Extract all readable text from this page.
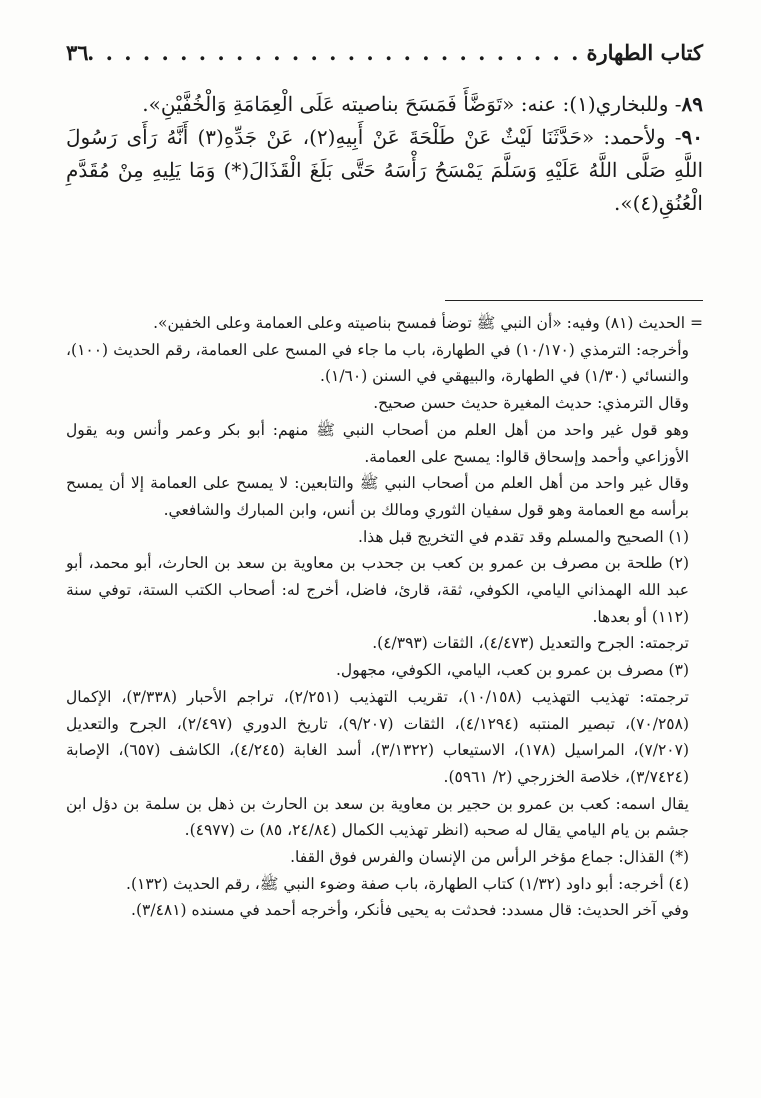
كتاب الطهارة
. . .
٣٦

٨٩- وللبخاري(١): عنه: «تَوَضَّأَ فَمَسَحَ بناصيته عَلَى الْعِمَامَةِ وَالْخُفَّيْنِ».

٩٠- ولأحمد: «حَدَّثَنَا لَيْثٌ عَنْ طَلْحَةَ عَنْ أَبِيهِ(٢)، عَنْ جَدِّهِ(٣) أَنَّهُ رَأَى رَسُولَ اللَّهِ صَلَّى اللَّهُ عَلَيْهِ وَسَلَّمَ يَمْسَحُ رَأْسَهُ حَتَّى بَلَغَ الْقَذَالَ(*) وَمَا يَلِيهِ مِنْ مُقَدَّمِ الْعُنُقِ(٤)».

= الحديث (٨١) وفيه: «أن النبي ﷺ توضأ فمسح بناصيته وعلى العمامة وعلى الخفين».

وأخرجه: الترمذي (١٠/١٧٠) في الطهارة، باب ما جاء في المسح على العمامة، رقم الحديث (١٠٠)، والنسائي (١/٣٠) في الطهارة، والبيهقي في السنن (١/٦٠).

وقال الترمذي: حديث المغيرة حديث حسن صحيح.

وهو قول غير واحد من أهل العلم من أصحاب النبي ﷺ منهم: أبو بكر وعمر وأنس وبه يقول الأوزاعي وأحمد وإسحاق قالوا: يمسح على العمامة.

وقال غير واحد من أهل العلم من أصحاب النبي ﷺ والتابعين: لا يمسح على العمامة إلا أن يمسح برأسه مع العمامة وهو قول سفيان الثوري ومالك بن أنس، وابن المبارك والشافعي.

(١) الصحيح والمسلم وقد تقدم في التخريج قبل هذا.

(٢) طلحة بن مصرف بن عمرو بن كعب بن جحدب بن معاوية بن سعد بن الحارث، أبو محمد، أبو عبد الله الهمذاني اليامي، الكوفي، ثقة، قارئ، فاضل، أخرج له: أصحاب الكتب الستة، توفي سنة (١١٢) أو بعدها.

ترجمته: الجرح والتعديل (٤/٤٧٣)، الثقات (٤/٣٩٣).

(٣) مصرف بن عمرو بن كعب، اليامي، الكوفي، مجهول.

ترجمته: تهذيب التهذيب (١٠/١٥٨)، تقريب التهذيب (٢/٢٥١)، تراجم الأحبار (٣/٣٣٨)، الإكمال (٧٠/٢٥٨)، تبصير المنتبه (٤/١٢٩٤)، الثقات (٩/٢٠٧)، تاريخ الدوري (٢/٤٩٧)، الجرح والتعديل (٧/٢٠٧)، المراسيل (١٧٨)، الاستيعاب (٣/١٣٢٢)، أسد الغابة (٤/٢٤٥)، الكاشف (٦٥٧)، الإصابة (٣/٧٤٢٤)، خلاصة الخزرجي (٢/ ٥٩٦١).

يقال اسمه: كعب بن عمرو بن حجير بن معاوية بن سعد بن الحارث بن ذهل بن سلمة بن دؤل ابن جشم بن يام اليامي يقال له صحبه (انظر تهذيب الكمال (٢٤/٨٤، ٨٥) ت (٤٩٧٧).

(*) القذال: جماع مؤخر الرأس من الإنسان والفرس فوق القفا.

(٤) أخرجه: أبو داود (١/٣٢) كتاب الطهارة، باب صفة وضوء النبي ﷺ، رقم الحديث (١٣٢).

وفي آخر الحديث: قال مسدد: فحدثت به يحيى فأنكر، وأخرجه أحمد في مسنده (٣/٤٨١).
